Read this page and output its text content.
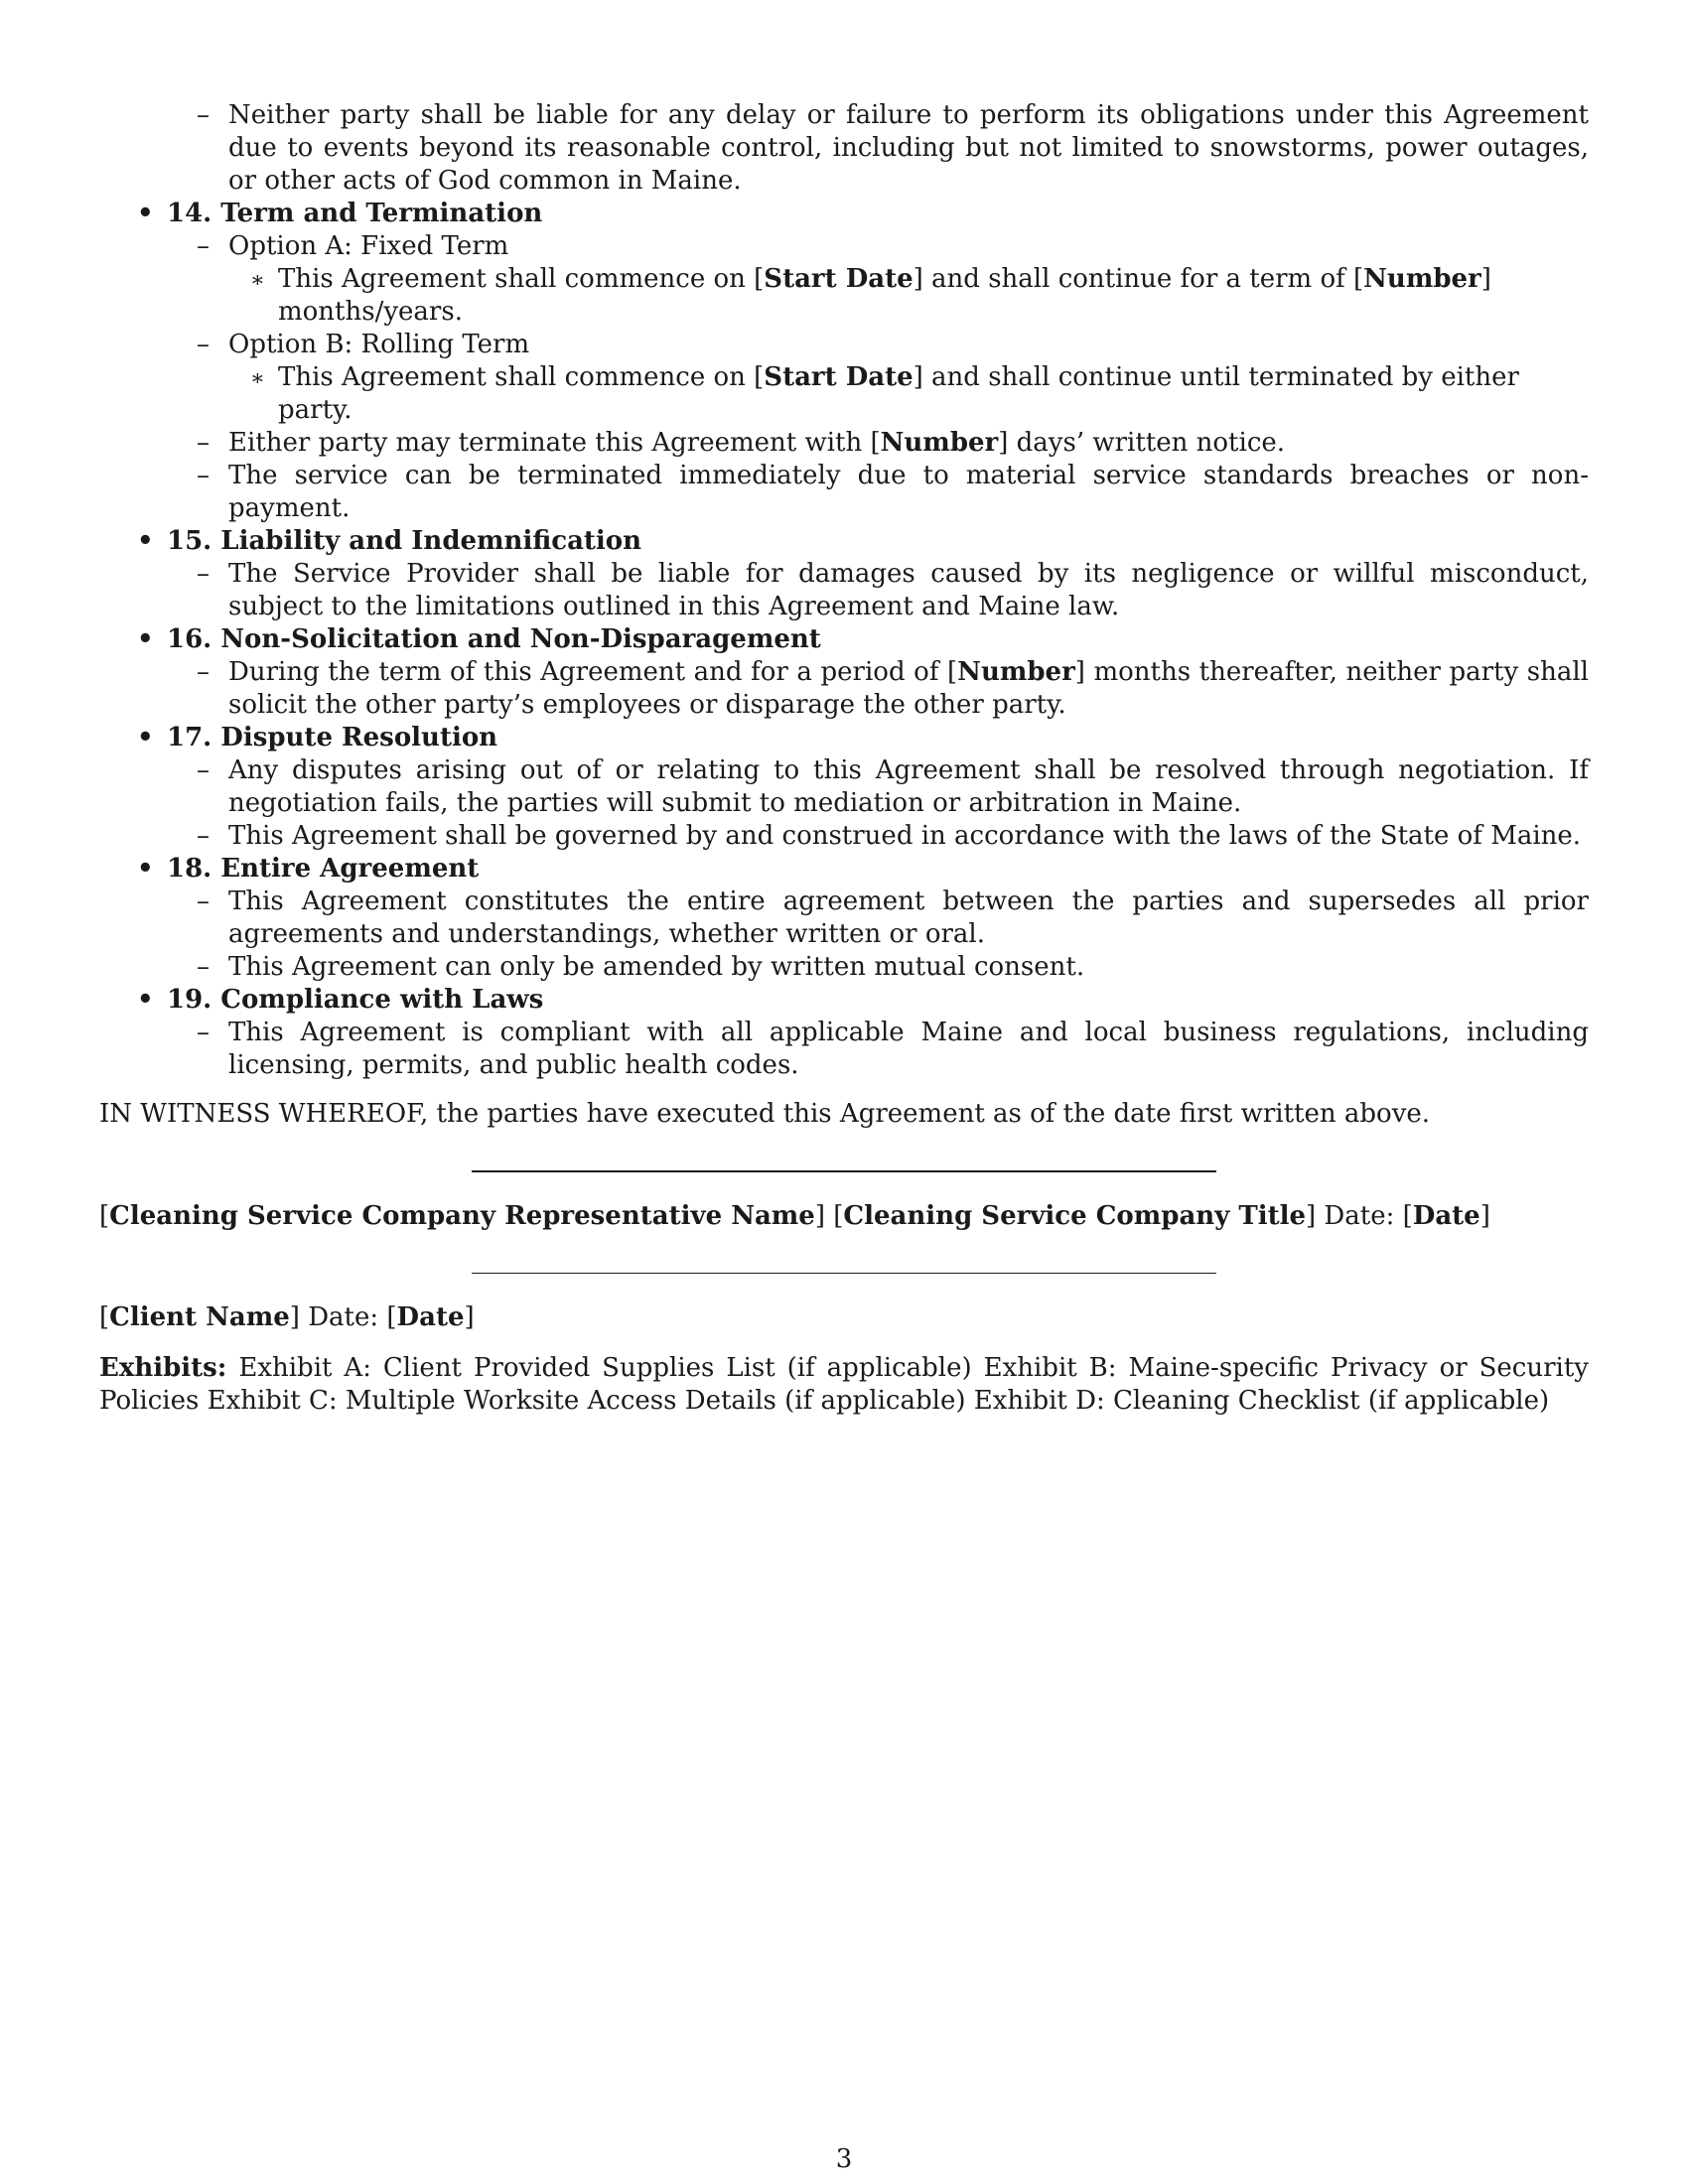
– Neither party shall be liable for any delay or failure to perform its obligations under this Agreement due to events beyond its reasonable control, including but not limited to snowstorms, power outages, or other acts of God common in Maine.

• 14. Term and Termination

– Option A: Fixed Term

∗ This Agreement shall commence on [Start Date] and shall continue for a term of [Number] months/years.

– Option B: Rolling Term

∗ This Agreement shall commence on [Start Date] and shall continue until terminated by either party.

– Either party may terminate this Agreement with [Number] days’ written notice.

– The service can be terminated immediately due to material service standards breaches or non-payment.

• 15. Liability and Indemnification

– The Service Provider shall be liable for damages caused by its negligence or willful misconduct, subject to the limitations outlined in this Agreement and Maine law.

• 16. Non-Solicitation and Non-Disparagement

– During the term of this Agreement and for a period of [Number] months thereafter, neither party shall solicit the other party’s employees or disparage the other party.

• 17. Dispute Resolution

– Any disputes arising out of or relating to this Agreement shall be resolved through negotiation. If negotiation fails, the parties will submit to mediation or arbitration in Maine.

– This Agreement shall be governed by and construed in accordance with the laws of the State of Maine.

• 18. Entire Agreement

– This Agreement constitutes the entire agreement between the parties and supersedes all prior agreements and understandings, whether written or oral.

– This Agreement can only be amended by written mutual consent.

• 19. Compliance with Laws

– This Agreement is compliant with all applicable Maine and local business regulations, including licensing, permits, and public health codes.

IN WITNESS WHEREOF, the parties have executed this Agreement as of the date first written above.

[Cleaning Service Company Representative Name] [Cleaning Service Company Title] Date: [Date]

[Client Name] Date: [Date]

Exhibits: Exhibit A: Client Provided Supplies List (if applicable) Exhibit B: Maine-specific Privacy or Security Policies Exhibit C: Multiple Worksite Access Details (if applicable) Exhibit D: Cleaning Checklist (if applicable)

3
